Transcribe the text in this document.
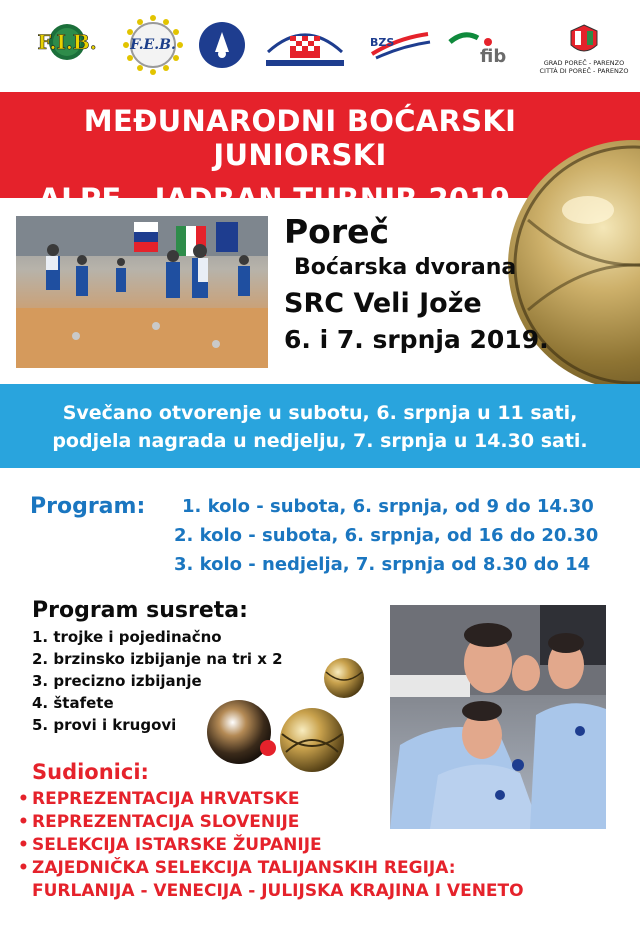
F.I.B. F.E.B.	BZS
fib	GRAD POREČ - PARENZO
CITTÀ DI POREČ - PARENZO
MEĐUNARODNI BOĆARSKI JUNIORSKI
ALPE - JADRAN TURNIR 2019.
Poreč
Boćarska dvorana
SRC Veli Jože
6. i 7. srpnja 2019.
Svečano otvorenje u subotu, 6. srpnja u 11 sati,
podjela nagrada u nedjelju, 7. srpnja u 14.30 sati.
Program:	1. kolo - subota, 6. srpnja, od 9 do 14.30
2. kolo - subota, 6. srpnja, od 16 do 20.30
3. kolo - nedjelja, 7. srpnja od 8.30 do 14
Program susreta:
1. trojke i pojedinačno
2. brzinsko izbijanje na tri x 2
3. precizno izbijanje
4. štafete
5. provi i krugovi
Sudionici:
• REPREZENTACIJA HRVATSKE
• REPREZENTACIJA SLOVENIJE
• SELEKCIJA ISTARSKE ŽUPANIJE
• ZAJEDNIČKA SELEKCIJA TALIJANSKIH REGIJA:
FURLANIJA - VENECIJA - JULIJSKA KRAJINA I VENETO
